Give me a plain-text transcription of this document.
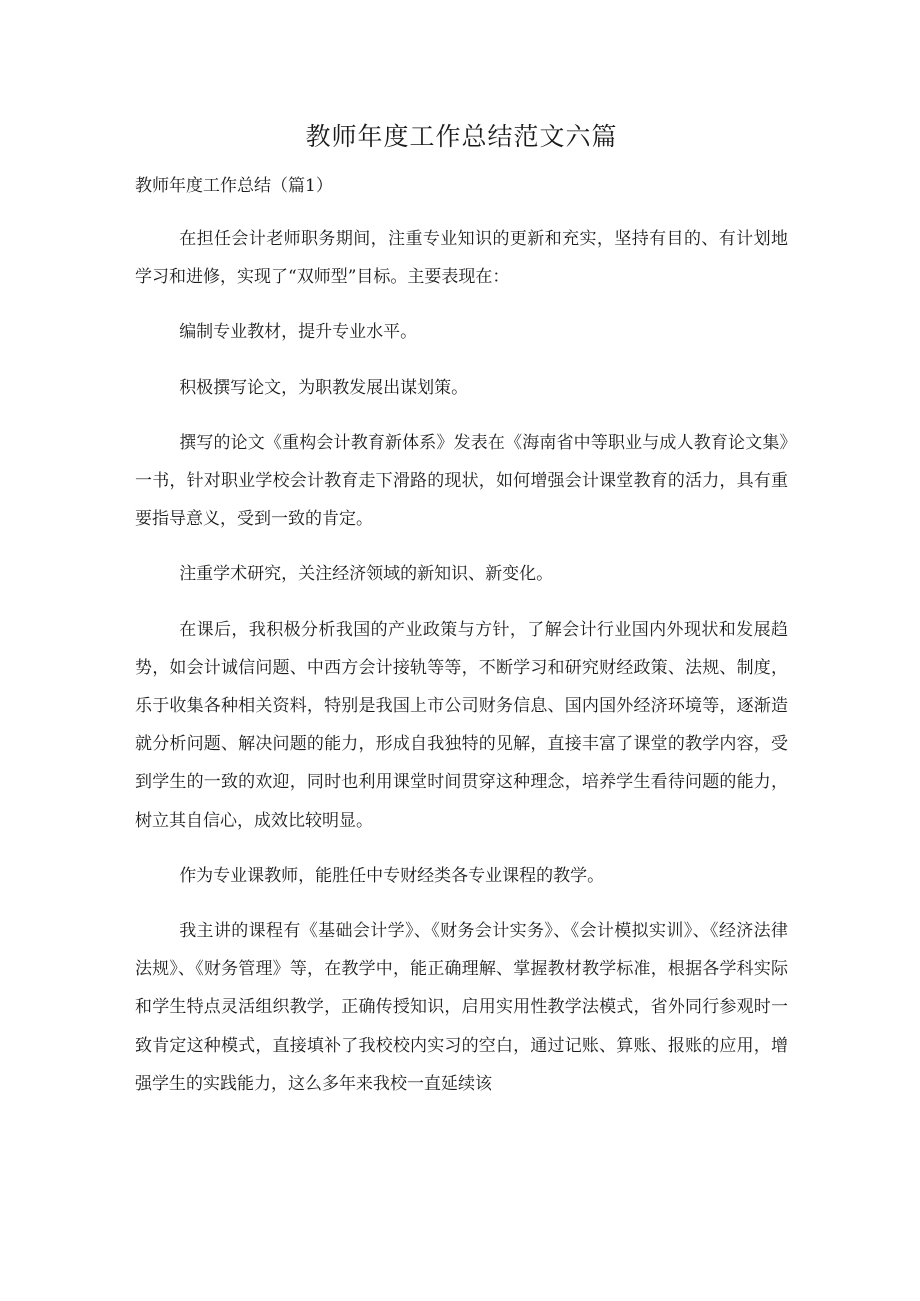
教师年度工作总结范文六篇
教师年度工作总结（篇1）

在担任会计老师职务期间，注重专业知识的更新和充实，坚持有目的、有计划地学习和进修，实现了“双师型”目标。主要表现在：

编制专业教材，提升专业水平。

积极撰写论文，为职教发展出谋划策。

撰写的论文《重构会计教育新体系》发表在《海南省中等职业与成人教育论文集》一书，针对职业学校会计教育走下滑路的现状，如何增强会计课堂教育的活力，具有重要指导意义，受到一致的肯定。

注重学术研究，关注经济领域的新知识、新变化。

在课后，我积极分析我国的产业政策与方针，了解会计行业国内外现状和发展趋势，如会计诚信问题、中西方会计接轨等等，不断学习和研究财经政策、法规、制度，乐于收集各种相关资料，特别是我国上市公司财务信息、国内国外经济环境等，逐渐造就分析问题、解决问题的能力，形成自我独特的见解，直接丰富了课堂的教学内容，受到学生的一致的欢迎，同时也利用课堂时间贯穿这种理念，培养学生看待问题的能力，树立其自信心，成效比较明显。

作为专业课教师，能胜任中专财经类各专业课程的教学。

我主讲的课程有《基础会计学》、《财务会计实务》、《会计模拟实训》、《经济法律法规》、《财务管理》等，在教学中，能正确理解、掌握教材教学标准，根据各学科实际和学生特点灵活组织教学，正确传授知识，启用实用性教学法模式，省外同行参观时一致肯定这种模式，直接填补了我校校内实习的空白，通过记账、算账、报账的应用，增强学生的实践能力，这么多年来我校一直延续该
